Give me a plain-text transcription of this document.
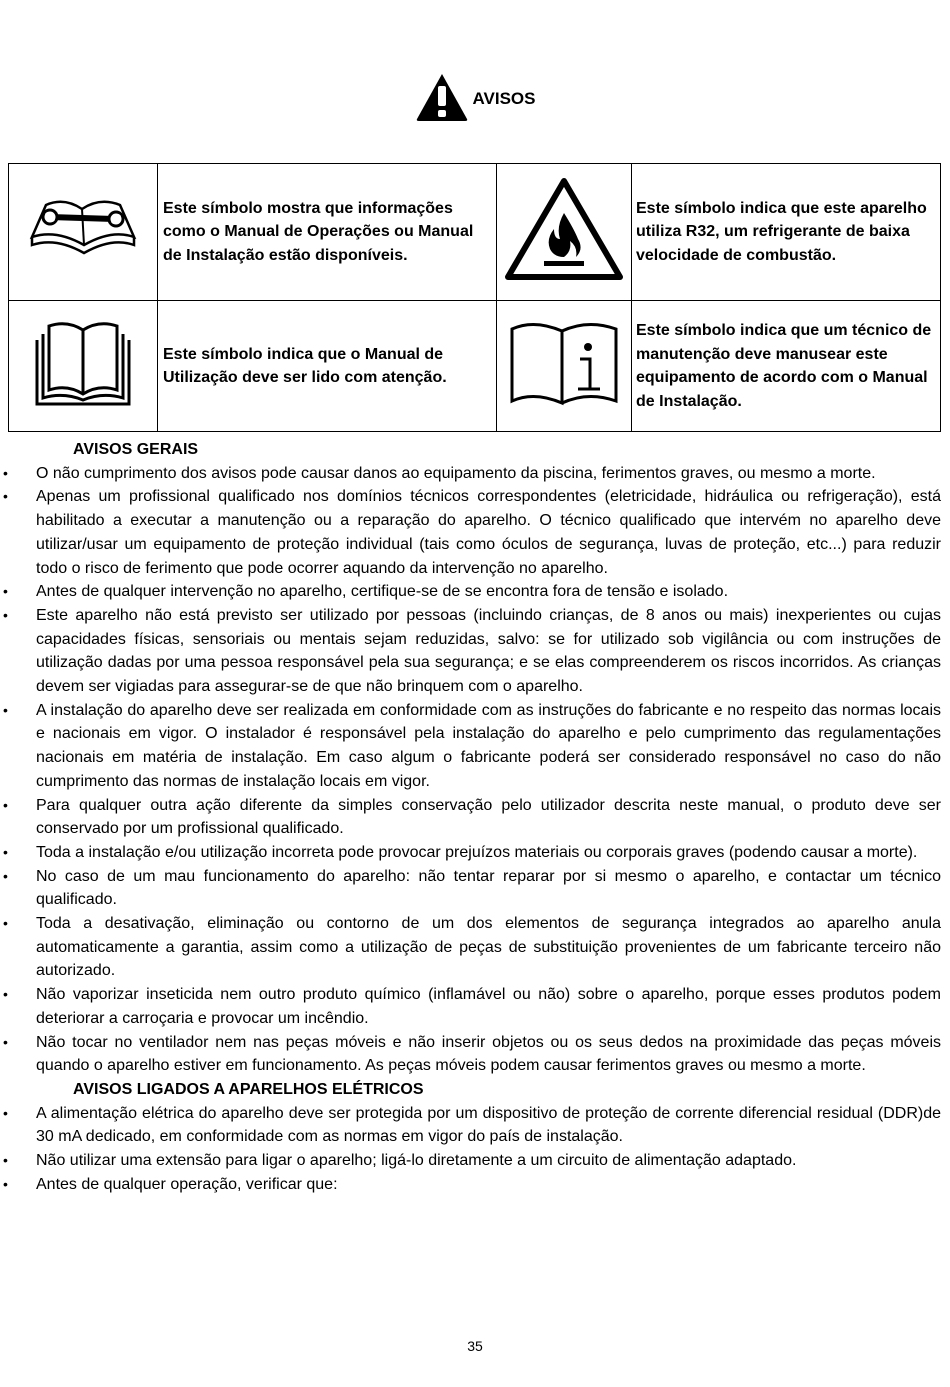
AVISOS
	Este símbolo mostra que informações como o Manual de Operações ou Manual de Instalação estão disponíveis.		Este símbolo indica que este aparelho utiliza R32, um refrigerante de baixa velocidade de combustão.
	Este símbolo indica que o Manual de Utilização deve ser lido com atenção.		Este símbolo indica que um técnico de manutenção deve manusear este equipamento de acordo com o Manual de Instalação.
AVISOS GERAIS
• O não cumprimento dos avisos pode causar danos ao equipamento da piscina, ferimentos graves, ou mesmo a morte.
• Apenas um profissional qualificado nos domínios técnicos correspondentes (eletricidade, hidráulica ou refrigeração), está habilitado a executar a manutenção ou a reparação do aparelho. O técnico qualificado que intervém no aparelho deve utilizar/usar um equipamento de proteção individual (tais como óculos de segurança, luvas de proteção, etc...) para reduzir todo o risco de ferimento que pode ocorrer aquando da intervenção no aparelho.
• Antes de qualquer intervenção no aparelho, certifique-se de se encontra fora de tensão e isolado.
• Este aparelho não está previsto ser utilizado por pessoas (incluindo crianças, de 8 anos ou mais) inexperientes ou cujas capacidades físicas, sensoriais ou mentais sejam reduzidas, salvo: se for utilizado sob vigilância ou com instruções de utilização dadas por uma pessoa responsável pela sua segurança; e se elas compreenderem os riscos incorridos. As crianças devem ser vigiadas para assegurar-se de que não brinquem com o aparelho.
• A instalação do aparelho deve ser realizada em conformidade com as instruções do fabricante e no respeito das normas locais e nacionais em vigor. O instalador é responsável pela instalação do aparelho e pelo cumprimento das regulamentações nacionais em matéria de instalação. Em caso algum o fabricante poderá ser considerado responsável no caso do não cumprimento das normas de instalação locais em vigor.
• Para qualquer outra ação diferente da simples conservação pelo utilizador descrita neste manual, o produto deve ser conservado por um profissional qualificado.
• Toda a instalação e/ou utilização incorreta pode provocar prejuízos materiais ou corporais graves (podendo causar a morte).
• No caso de um mau funcionamento do aparelho: não tentar reparar por si mesmo o aparelho, e contactar um técnico qualificado.
• Toda a desativação, eliminação ou contorno de um dos elementos de segurança integrados ao aparelho anula automaticamente a garantia, assim como a utilização de peças de substituição provenientes de um fabricante terceiro não autorizado.
• Não vaporizar inseticida nem outro produto químico (inflamável ou não) sobre o aparelho, porque esses produtos podem deteriorar a carroçaria e provocar um incêndio.
• Não tocar no ventilador nem nas peças móveis e não inserir objetos ou os seus dedos na proximidade das peças móveis quando o aparelho estiver em funcionamento. As peças móveis podem causar ferimentos graves ou mesmo a morte.
AVISOS LIGADOS A APARELHOS ELÉTRICOS
• A alimentação elétrica do aparelho deve ser protegida por um dispositivo de proteção de corrente diferencial residual (DDR)de 30 mA dedicado, em conformidade com as normas em vigor do país de instalação.
• Não utilizar uma extensão para ligar o aparelho; ligá-lo diretamente a um circuito de alimentação adaptado.
• Antes de qualquer operação, verificar que:
35
